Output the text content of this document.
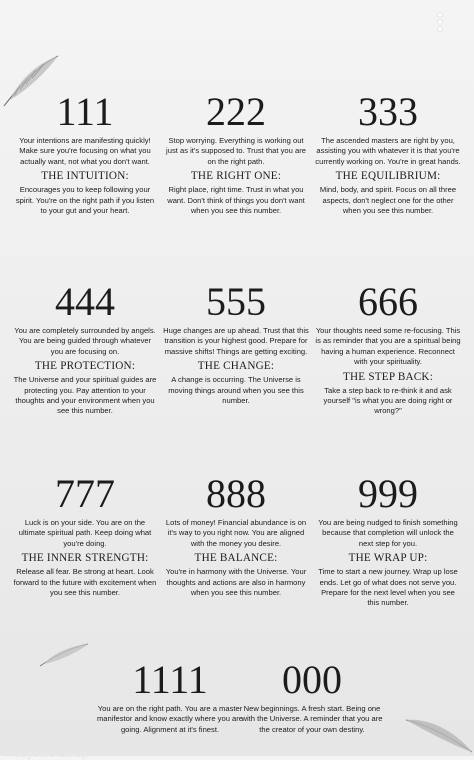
111

Your intentions are manifesting quickly! Make sure you're focusing on what you actually want, not what you don't want.

THE INTUITION:

Encourages you to keep following your spirit. You're on the right path if you listen to your gut and your heart.

222

Stop worrying. Everything is working out just as it's supposed to. Trust that you are on the right path.

THE RIGHT ONE:

Right place, right time. Trust in what you want. Don't think of things you don't want when you see this number.

333

The ascended masters are right by you, assisting you with whatever it is that you're currently working on. You're in great hands.

THE EQUILIBRIUM:

Mind, body, and spirit. Focus on all three aspects, don't neglect one for the other when you see this number.

444

You are completely surrounded by angels. You are being guided through whatever you are focusing on.

THE PROTECTION:

The Universe and your spiritual guides are protecting you. Pay attention to your thoughts and your environment when you see this number.

555

Huge changes are up ahead. Trust that this transition is your highest good. Prepare for massive shifts! Things are getting exciting.

THE CHANGE:

A change is occurring. The Universe is moving things around when you see this number.

666

Your thoughts need some re-focusing. This is as reminder that you are a spiritual being having a human experience. Reconnect with your spirituality.

THE STEP BACK:

Take a step back to re-think it and ask yourself "is what you are doing right or wrong?"

777

Luck is on your side. You are on the ultimate spiritual path. Keep doing what you're doing.

THE INNER STRENGTH:

Release all fear. Be strong at heart. Look forward to the future with excitement when you see this number.

888

Lots of money! Financial abundance is on it's way to you right now. You are aligned with the money you desire.

THE BALANCE:

You're in harmony with the Universe. Your thoughts and actions are also in harmony when you see this number.

999

You are being nudged to finish something because that completion will unlock the next step for you.

THE WRAP UP:

Time to start a new journey. Wrap up lose ends. Let go of what does not serve you. Prepare for the next level when you see this number.

1111

You are on the right path. You are a master manifestor and know exactly where you are going. Alignment at it's finest.

000

New beginnings. A fresh start. Being one with the Universe. A reminder that you are the creator of your own destiny.

Adeyemo Bolaji
